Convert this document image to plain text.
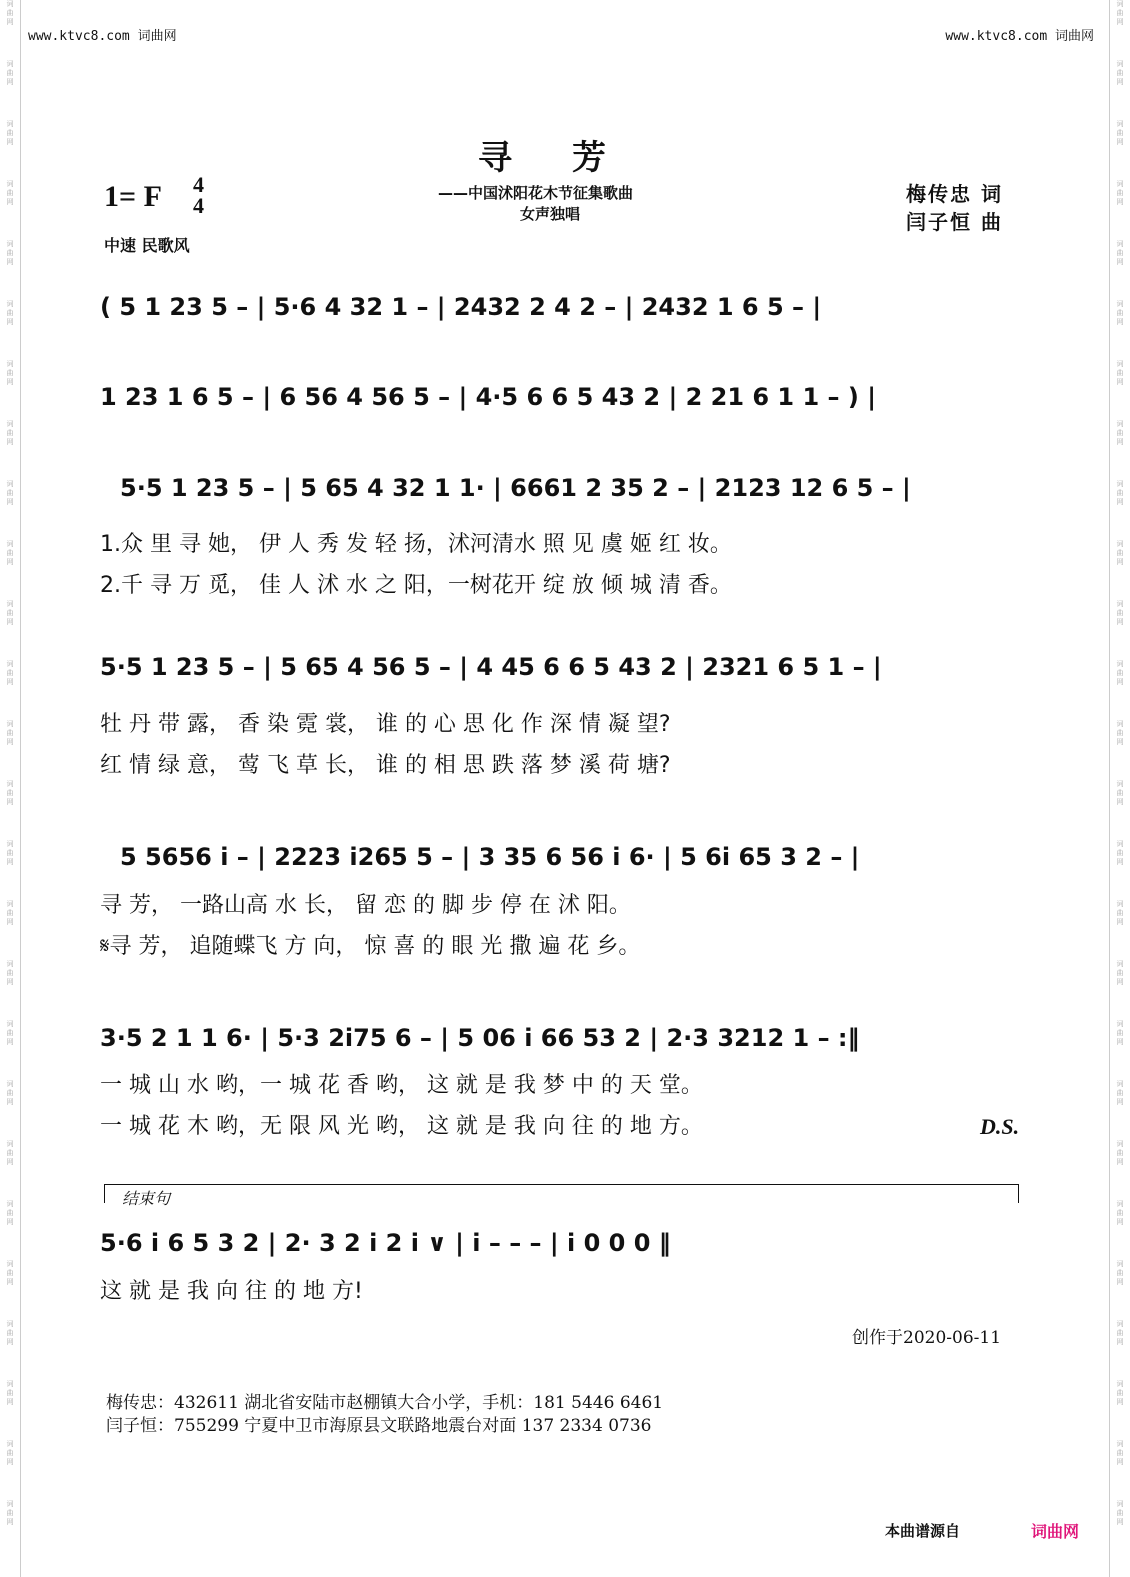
词
曲
网
词
曲
网
词
曲
网
词
曲
网
词
曲
网
词
曲
网
词
曲
网
词
曲
网
词
曲
网
词
曲
网
词
曲
网
词
曲
网
词
曲
网
词
曲
网
词
曲
网
词
曲
网
词
曲
网
词
曲
网
词
曲
网
词
曲
网
词
曲
网
词
曲
网
词
曲
网
词
曲
网
词
曲
网
词
曲
网
词
曲
网
词
曲
网
词
曲
网
词
曲
网
词
曲
网
词
曲
网
词
曲
网
词
曲
网
词
曲
网
词
曲
网
词
曲
网
词
曲
网
词
曲
网
词
曲
网
词
曲
网
词
曲
网
词
曲
网
词
曲
网
词
曲
网
词
曲
网
词
曲
网
词
曲
网
词
曲
网
词
曲
网
词
曲
网
词
曲
网
www.ktvc8.com 词曲网	www.ktvc8.com 词曲网
寻芳
——中国沭阳花木节征集歌曲
女声独唱
1= F 4
4
中速 民歌风
梅传忠 词
闫子恒 曲
( 5 1 23 5 – | 5·6 4 32 1 – | 2432 2 4 2 – | 2432 1 6 5 – |
1 23 1 6 5 – | 6 56 4 56 5 – | 4·5 6 6 5 43 2 | 2 21 6 1 1 – ) |
5·5 1 23 5 – | 5 65 4 32 1 1· | 6661 2 35 2 – | 2123 12 6 5 – |
1.众 里 寻 她， 伊 人 秀 发 轻 扬，沭河清水 照 见 虞 姬 红 妆。
2.千 寻 万 觅， 佳 人 沭 水 之 阳，一树花开 绽 放 倾 城 清 香。
5·5 1 23 5 – | 5 65 4 56 5 – | 4 45 6 6 5 43 2 | 2321 6 5 1 – |
牡 丹 带 露， 香 染 霓 裳， 谁 的 心 思 化 作 深 情 凝 望?
红 情 绿 意， 莺 飞 草 长， 谁 的 相 思 跌 落 梦 溪 荷 塘?
5 5656 i – | 2223 i265 5 – | 3 35 6 56 i 6· | 5 6i 65 3 2 – |
寻 芳， 一路山高 水 长， 留 恋 的 脚 步 停 在 沭 阳。
𝄋寻 芳， 追随蝶飞 方 向， 惊 喜 的 眼 光 撒 遍 花 乡。
3·5 2 1 1 6· | 5·3 2i75 6 – | 5 06 i 66 53 2 | 2·3 3212 1 – :‖
一 城 山 水 哟，一 城 花 香 哟， 这 就 是 我 梦 中 的 天 堂。
一 城 花 木 哟，无 限 风 光 哟， 这 就 是 我 向 往 的 地 方。	D.S.
结束句
5·6 i 6 5 3 2 | 2· 3 2 i 2 i ∨ | i – – – | i 0 0 0 ‖
这 就 是 我 向 往 的 地 方!
创作于2020-06-11
梅传忠：432611 湖北省安陆市赵棚镇大合小学，手机：181 5446 6461
闫子恒：755299 宁夏中卫市海原县文联路地震台对面 137 2334 0736
本曲谱源自	词曲网
